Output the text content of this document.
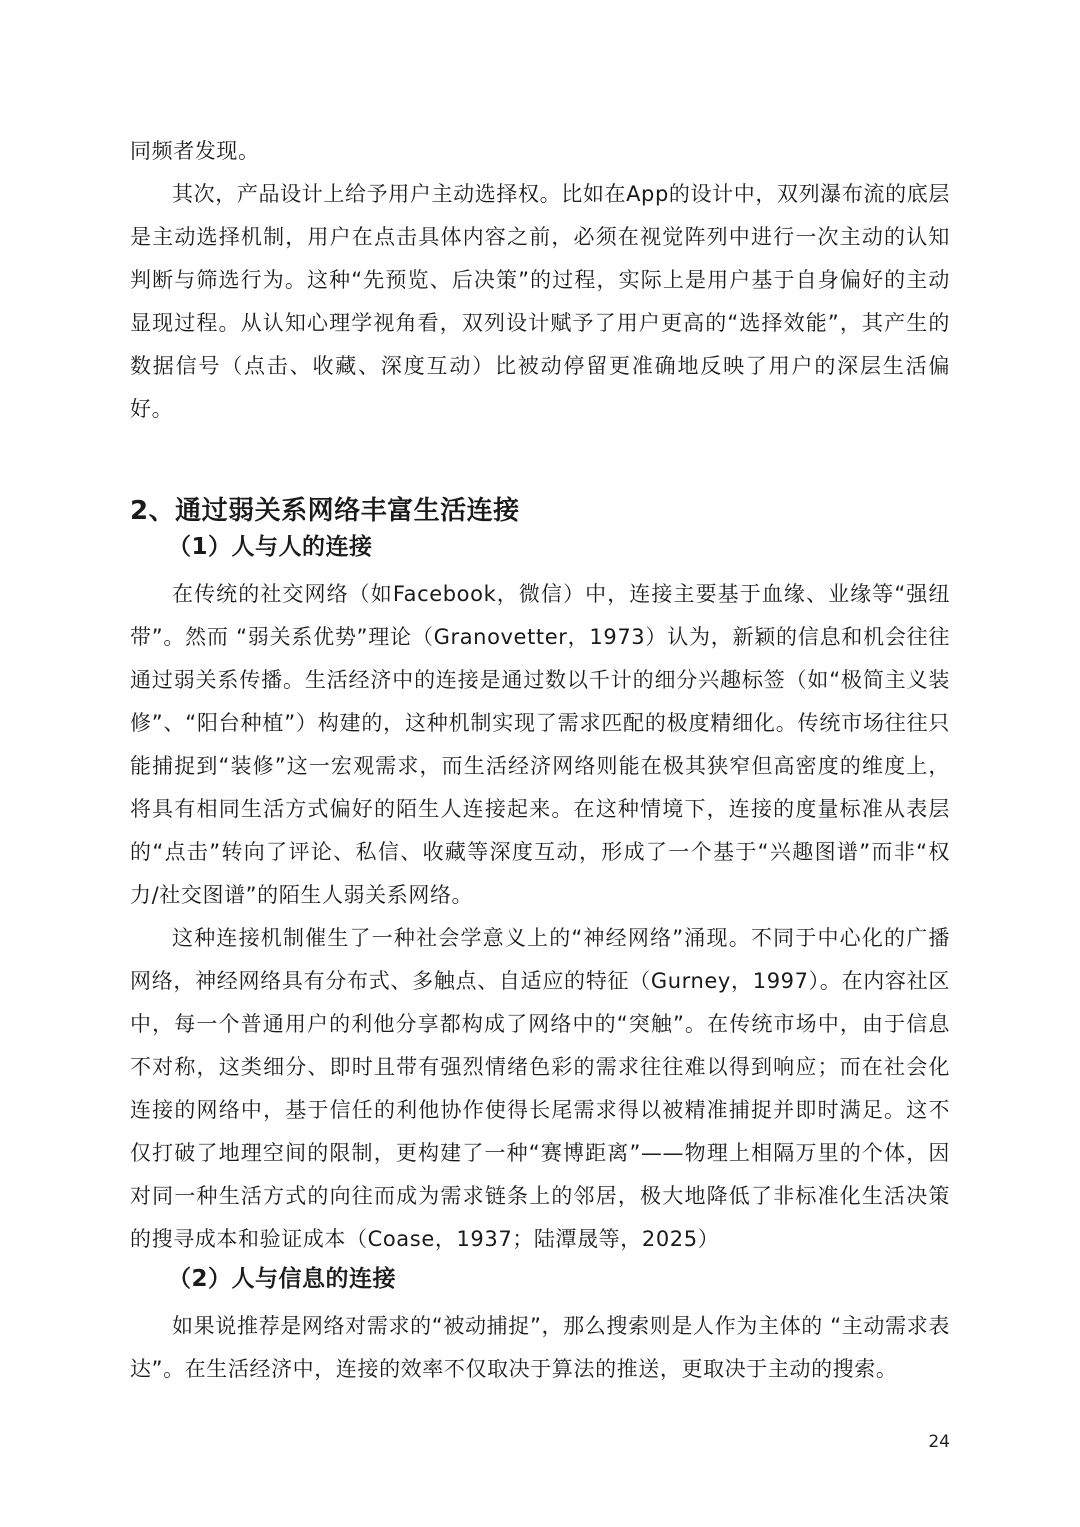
同频者发现。

其次，产品设计上给予用户主动选择权。比如在App的设计中，双列瀑布流的底层是主动选择机制，用户在点击具体内容之前，必须在视觉阵列中进行一次主动的认知判断与筛选行为。这种“先预览、后决策”的过程，实际上是用户基于自身偏好的主动显现过程。从认知心理学视角看，双列设计赋予了用户更高的“选择效能”，其产生的数据信号（点击、收藏、深度互动）比被动停留更准确地反映了用户的深层生活偏好。

2、通过弱关系网络丰富生活连接
（1）人与人的连接

在传统的社交网络（如Facebook，微信）中，连接主要基于血缘、业缘等“强纽带”。然而 “弱关系优势”理论（Granovetter，1973）认为，新颖的信息和机会往往通过弱关系传播。生活经济中的连接是通过数以千计的细分兴趣标签（如“极简主义装修”、“阳台种植”）构建的，这种机制实现了需求匹配的极度精细化。传统市场往往只能捕捉到“装修”这一宏观需求，而生活经济网络则能在极其狭窄但高密度的维度上，将具有相同生活方式偏好的陌生人连接起来。在这种情境下，连接的度量标准从表层的“点击”转向了评论、私信、收藏等深度互动，形成了一个基于“兴趣图谱”而非“权力/社交图谱”的陌生人弱关系网络。

这种连接机制催生了一种社会学意义上的“神经网络”涌现。不同于中心化的广播网络，神经网络具有分布式、多触点、自适应的特征（Gurney，1997）。在内容社区中，每一个普通用户的利他分享都构成了网络中的“突触”。在传统市场中，由于信息不对称，这类细分、即时且带有强烈情绪色彩的需求往往难以得到响应；而在社会化连接的网络中，基于信任的利他协作使得长尾需求得以被精准捕捉并即时满足。这不仅打破了地理空间的限制，更构建了一种“赛博距离”——物理上相隔万里的个体，因对同一种生活方式的向往而成为需求链条上的邻居，极大地降低了非标准化生活决策的搜寻成本和验证成本（Coase，1937；陆潭晟等，2025）

（2）人与信息的连接

如果说推荐是网络对需求的“被动捕捉”，那么搜索则是人作为主体的 “主动需求表达”。在生活经济中，连接的效率不仅取决于算法的推送，更取决于主动的搜索。

24
